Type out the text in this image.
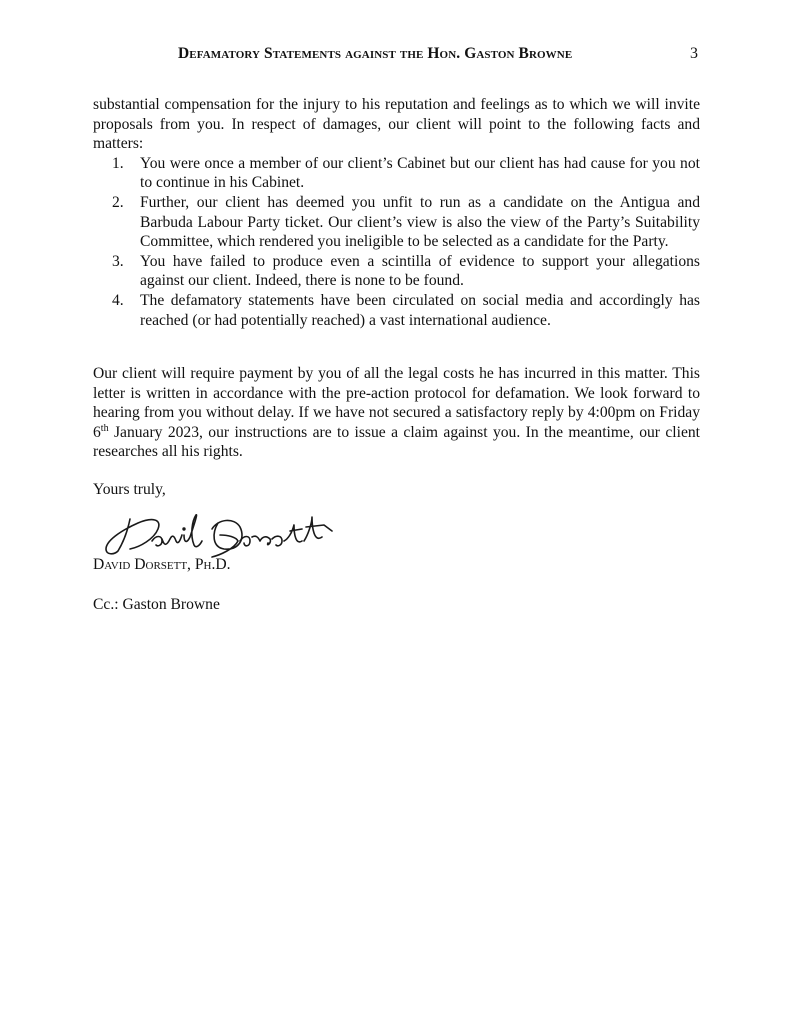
Defamatory Statements against the Hon. Gaston Browne	3

substantial compensation for the injury to his reputation and feelings as to which we will invite proposals from you. In respect of damages, our client will point to the following facts and matters:

1. You were once a member of our client’s Cabinet but our client has had cause for you not to continue in his Cabinet.
2. Further, our client has deemed you unfit to run as a candidate on the Antigua and Barbuda Labour Party ticket. Our client’s view is also the view of the Party’s Suitability Committee, which rendered you ineligible to be selected as a candidate for the Party.
3. You have failed to produce even a scintilla of evidence to support your allegations against our client. Indeed, there is none to be found.
4. The defamatory statements have been circulated on social media and accordingly has reached (or had potentially reached) a vast international audience.
Our client will require payment by you of all the legal costs he has incurred in this matter. This letter is written in accordance with the pre-action protocol for defamation. We look forward to hearing from you without delay. If we have not secured a satisfactory reply by 4:00pm on Friday 6th January 2023, our instructions are to issue a claim against you. In the meantime, our client researches all his rights.
Yours truly,
David Dorsett, Ph.D.
Cc.: Gaston Browne
